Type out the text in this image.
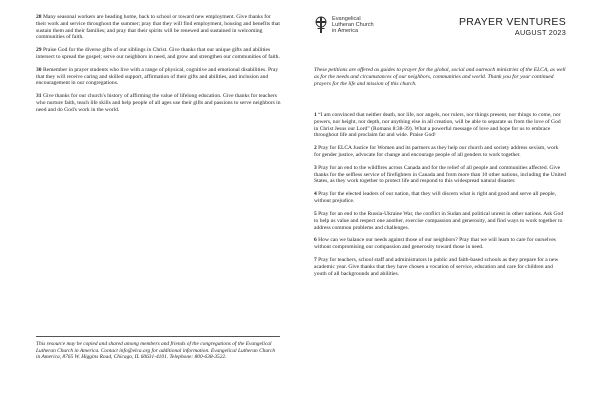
28 Many seasonal workers are heading home, back to school or toward new employment. Give thanks for their work and service throughout the summer; pray that they will find employment, housing and benefits that sustain them and their families; and pray that their spirits will be renewed and sustained in welcoming communities of faith.

29 Praise God for the diverse gifts of our siblings in Christ. Give thanks that our unique gifts and abilities intersect to spread the gospel; serve our neighbors in need, and grow and strengthen our communities of faith.

30 Remember in prayer students who live with a range of physical, cognitive and emotional disabilities. Pray that they will receive caring and skilled support, affirmation of their gifts and abilities, and inclusion and encouragement in our congregations.

31 Give thanks for our church's history of affirming the value of lifelong education. Give thanks for teachers who nurture faith, teach life skills and help people of all ages use their gifts and passions to serve neighbors in need and do God's work in the world.

This resource may be copied and shared among members and friends of the congregations of the Evangelical Lutheran Church in America. Contact info@elca.org for additional information. Evangelical Lutheran Church in America, 8765 W. Higgins Road, Chicago, IL 60631-4101. Telephone: 800-638-3522.

Evangelical
Lutheran Church
in America
PRAYER VENTURES
AUGUST 2023

These petitions are offered as guides to prayer for the global, social and outreach ministries of the ELCA, as well as for the needs and circumstances of our neighbors, communities and world. Thank you for your continued prayers for the life and mission of this church.

1 “I am convinced that neither death, nor life, nor angels, nor rulers, nor things present, nor things to come, nor powers, nor height, nor depth, nor anything else in all creation, will be able to separate us from the love of God in Christ Jesus our Lord” (Romans 8:38-39). What a powerful message of love and hope for us to embrace throughout life and proclaim far and wide. Praise God!

2 Pray for ELCA Justice for Women and its partners as they help our church and society address sexism, work for gender justice, advocate for change and encourage people of all genders to work together.

3 Pray for an end to the wildfires across Canada and for the relief of all people and communities affected. Give thanks for the selfless service of firefighters in Canada and from more than 10 other nations, including the United States, as they work together to protect life and respond to this widespread natural disaster.

4 Pray for the elected leaders of our nation, that they will discern what is right and good and serve all people, without prejudice.

5 Pray for an end to the Russia-Ukraine War, the conflict in Sudan and political unrest in other nations. Ask God to help us value and respect one another, exercise compassion and generosity, and find ways to work together to address common problems and challenges.

6 How can we balance our needs against those of our neighbors? Pray that we will learn to care for ourselves without compromising our compassion and generosity toward those in need.

7 Pray for teachers, school staff and administrators in public and faith-based schools as they prepare for a new academic year. Give thanks that they have chosen a vocation of service, education and care for children and youth of all backgrounds and abilities.
